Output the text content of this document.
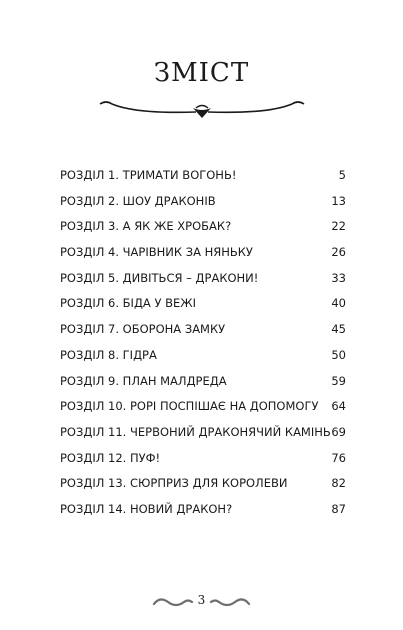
ЗМІСТ
РОЗДІЛ 1. ТРИМАТИ ВОГОНЬ!	5
РОЗДІЛ 2. ШОУ ДРАКОНІВ	13
РОЗДІЛ 3. А ЯК ЖЕ ХРОБАК?	22
РОЗДІЛ 4. ЧАРІВНИК ЗА НЯНЬКУ	26
РОЗДІЛ 5. ДИВІТЬСЯ – ДРАКОНИ!	33
РОЗДІЛ 6. БІДА У ВЕЖІ	40
РОЗДІЛ 7. ОБОРОНА ЗАМКУ	45
РОЗДІЛ 8. ГІДРА	50
РОЗДІЛ 9. ПЛАН МАЛДРЕДА	59
РОЗДІЛ 10. РОРІ ПОСПІШАЄ НА ДОПОМОГУ 64
РОЗДІЛ 11. ЧЕРВОНИЙ ДРАКОНЯЧИЙ КАМІНЬ 69
РОЗДІЛ 12. ПУФ!	76
РОЗДІЛ 13. СЮРПРИЗ ДЛЯ КОРОЛЕВИ	82
РОЗДІЛ 14. НОВИЙ ДРАКОН?	87
3
